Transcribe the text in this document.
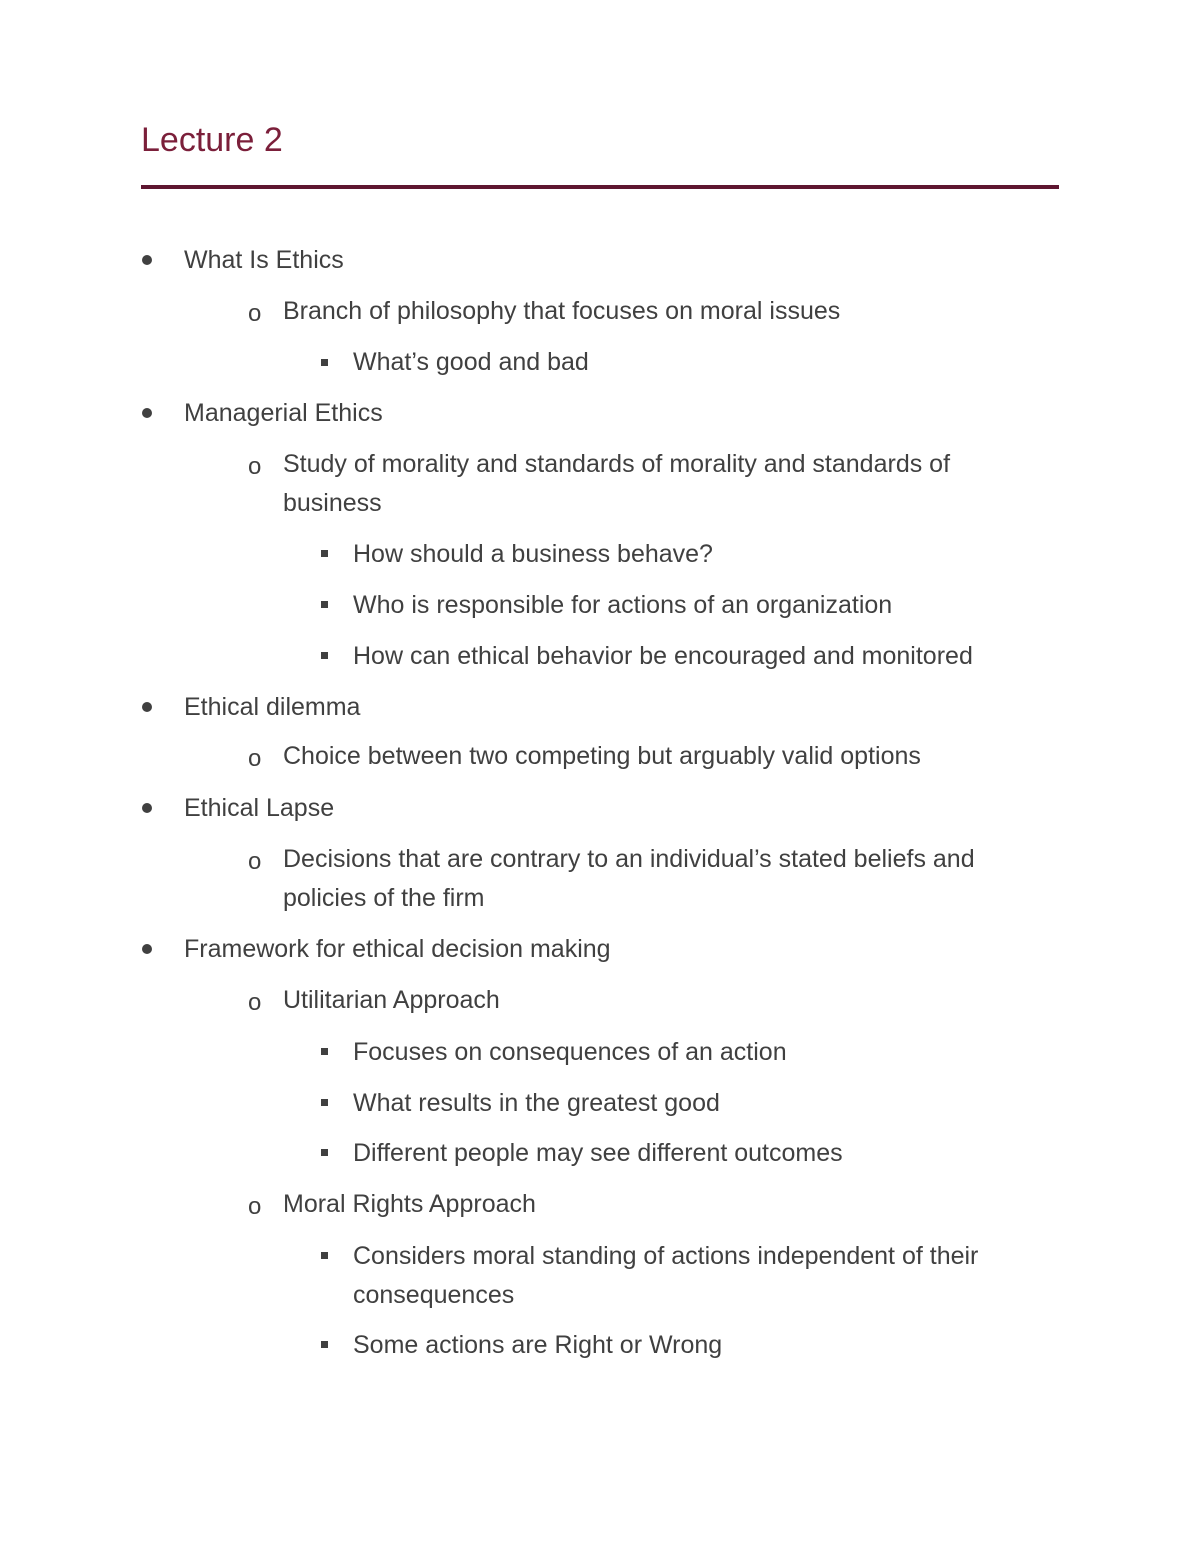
Lecture 2
What Is Ethics
o Branch of philosophy that focuses on moral issues
What’s good and bad
Managerial Ethics
o Study of morality and standards of morality and standards of
business
How should a business behave?
Who is responsible for actions of an organization
How can ethical behavior be encouraged and monitored
Ethical dilemma
o Choice between two competing but arguably valid options
Ethical Lapse
o Decisions that are contrary to an individual’s stated beliefs and
policies of the firm
Framework for ethical decision making
o Utilitarian Approach
Focuses on consequences of an action
What results in the greatest good
Different people may see different outcomes
o Moral Rights Approach
Considers moral standing of actions independent of their
consequences
Some actions are Right or Wrong
